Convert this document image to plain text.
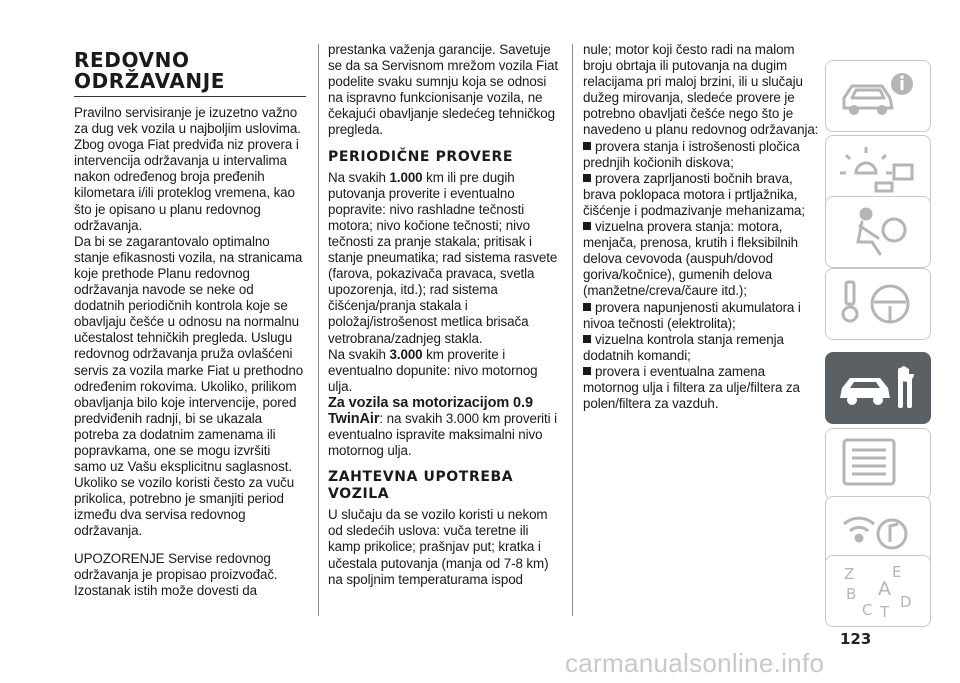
REDOVNO
ODRŽAVANJE

Pravilno servisiranje je izuzetno važno za dug vek vozila u najboljim uslovima. Zbog ovoga Fiat predviđa niz provera i intervencija održavanja u intervalima nakon određenog broja pređenih kilometara i/ili proteklog vremena, kao što je opisano u planu redovnog održavanja.

Da bi se zagarantovalo optimalno stanje efikasnosti vozila, na stranicama koje prethode Planu redovnog održavanja navode se neke od dodatnih periodičnih kontrola koje se obavljaju češće u odnosu na normalnu učestalost tehničkih pregleda. Uslugu redovnog održavanja pruža ovlašćeni servis za vozila marke Fiat u prethodno određenim rokovima. Ukoliko, prilikom obavljanja bilo koje intervencije, pored predviđenih radnji, bi se ukazala potreba za dodatnim zamenama ili popravkama, one se mogu izvršiti samo uz Vašu eksplicitnu saglasnost. Ukoliko se vozilo koristi često za vuču prikolica, potrebno je smanjiti period između dva servisa redovnog održavanja.

UPOZORENJE Servise redovnog održavanja je propisao proizvođač. Izostanak istih može dovesti da

prestanka važenja garancije. Savetuje se da sa Servisnom mrežom vozila Fiat podelite svaku sumnju koja se odnosi na ispravno funkcionisanje vozila, ne čekajući obavljanje sledećeg tehničkog pregleda.

PERIODIČNE PROVERE

Na svakih 1.000 km ili pre dugih putovanja proverite i eventualno popravite: nivo rashladne tečnosti motora; nivo kočione tečnosti; nivo tečnosti za pranje stakala; pritisak i stanje pneumatika; rad sistema rasvete (farova, pokazivača pravaca, svetla upozorenja, itd.); rad sistema čišćenja/pranja stakala i položaj/istrošenost metlica brisača vetrobrana/zadnjeg stakla.

Na svakih 3.000 km proverite i eventualno dopunite: nivo motornog ulja.

Za vozila sa motorizacijom 0.9 TwinAir: na svakih 3.000 km proveriti i eventualno ispravite maksimalni nivo motornog ulja.

ZAHTEVNA UPOTREBA VOZILA

U slučaju da se vozilo koristi u nekom od sledećih uslova: vuča teretne ili kamp prikolice; prašnjav put; kratka i učestala putovanja (manja od 7-8 km) na spoljnim temperaturama ispod

nule; motor koji često radi na malom broju obrtaja ili putovanja na dugim relacijama pri maloj brzini, ili u slučaju dužeg mirovanja, sledeće provere je potrebno obavljati češće nego što je navedeno u planu redovnog održavanja:

provera stanja i istrošenosti pločica prednjih kočionih diskova;

provera zaprljanosti bočnih brava, brava poklopaca motora i prtljažnika, čišćenje i podmazivanje mehanizama;

vizuelna provera stanja: motora, menjača, prenosa, krutih i fleksibilnih delova cevovoda (auspuh/dovod goriva/kočnice), gumenih delova (manžetne/creva/čaure itd.);

provera napunjenosti akumulatora i nivoa tečnosti (elektrolita);

vizuelna kontrola stanja remenja dodatnih komandi;

provera i eventualna zamena motornog ulja i filtera za ulje/filtera za polen/filtera za vazduh.

Z	E
A
B
C D
T
123
carmanualsonline.info
